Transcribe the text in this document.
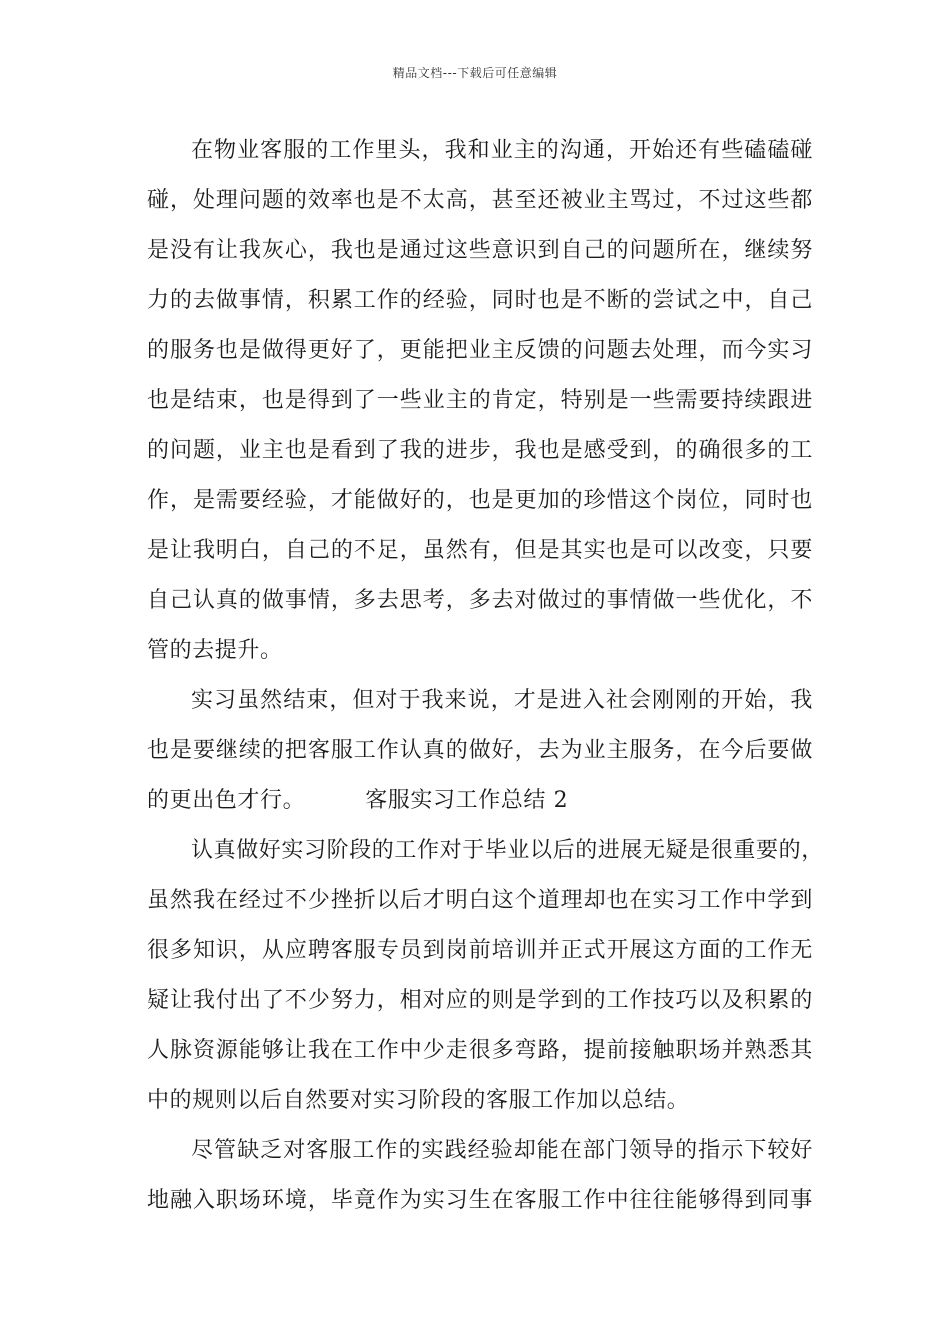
精品文档---下载后可任意编辑
在物业客服的工作里头，我和业主的沟通，开始还有些磕磕碰
碰，处理问题的效率也是不太高，甚至还被业主骂过，不过这些都
是没有让我灰心，我也是通过这些意识到自己的问题所在，继续努
力的去做事情，积累工作的经验，同时也是不断的尝试之中，自己
的服务也是做得更好了，更能把业主反馈的问题去处理，而今实习
也是结束，也是得到了一些业主的肯定，特别是一些需要持续跟进
的问题，业主也是看到了我的进步，我也是感受到，的确很多的工
作，是需要经验，才能做好的，也是更加的珍惜这个岗位，同时也
是让我明白，自己的不足，虽然有，但是其实也是可以改变，只要
自己认真的做事情，多去思考，多去对做过的事情做一些优化，不
管的去提升。
实习虽然结束，但对于我来说，才是进入社会刚刚的开始，我
也是要继续的把客服工作认真的做好，去为业主服务，在今后要做
的更出色才行。	客服实习工作总结 2
认真做好实习阶段的工作对于毕业以后的进展无疑是很重要的，
虽然我在经过不少挫折以后才明白这个道理却也在实习工作中学到
很多知识，从应聘客服专员到岗前培训并正式开展这方面的工作无
疑让我付出了不少努力，相对应的则是学到的工作技巧以及积累的
人脉资源能够让我在工作中少走很多弯路，提前接触职场并熟悉其
中的规则以后自然要对实习阶段的客服工作加以总结。
尽管缺乏对客服工作的实践经验却能在部门领导的指示下较好
地融入职场环境，毕竟作为实习生在客服工作中往往能够得到同事
